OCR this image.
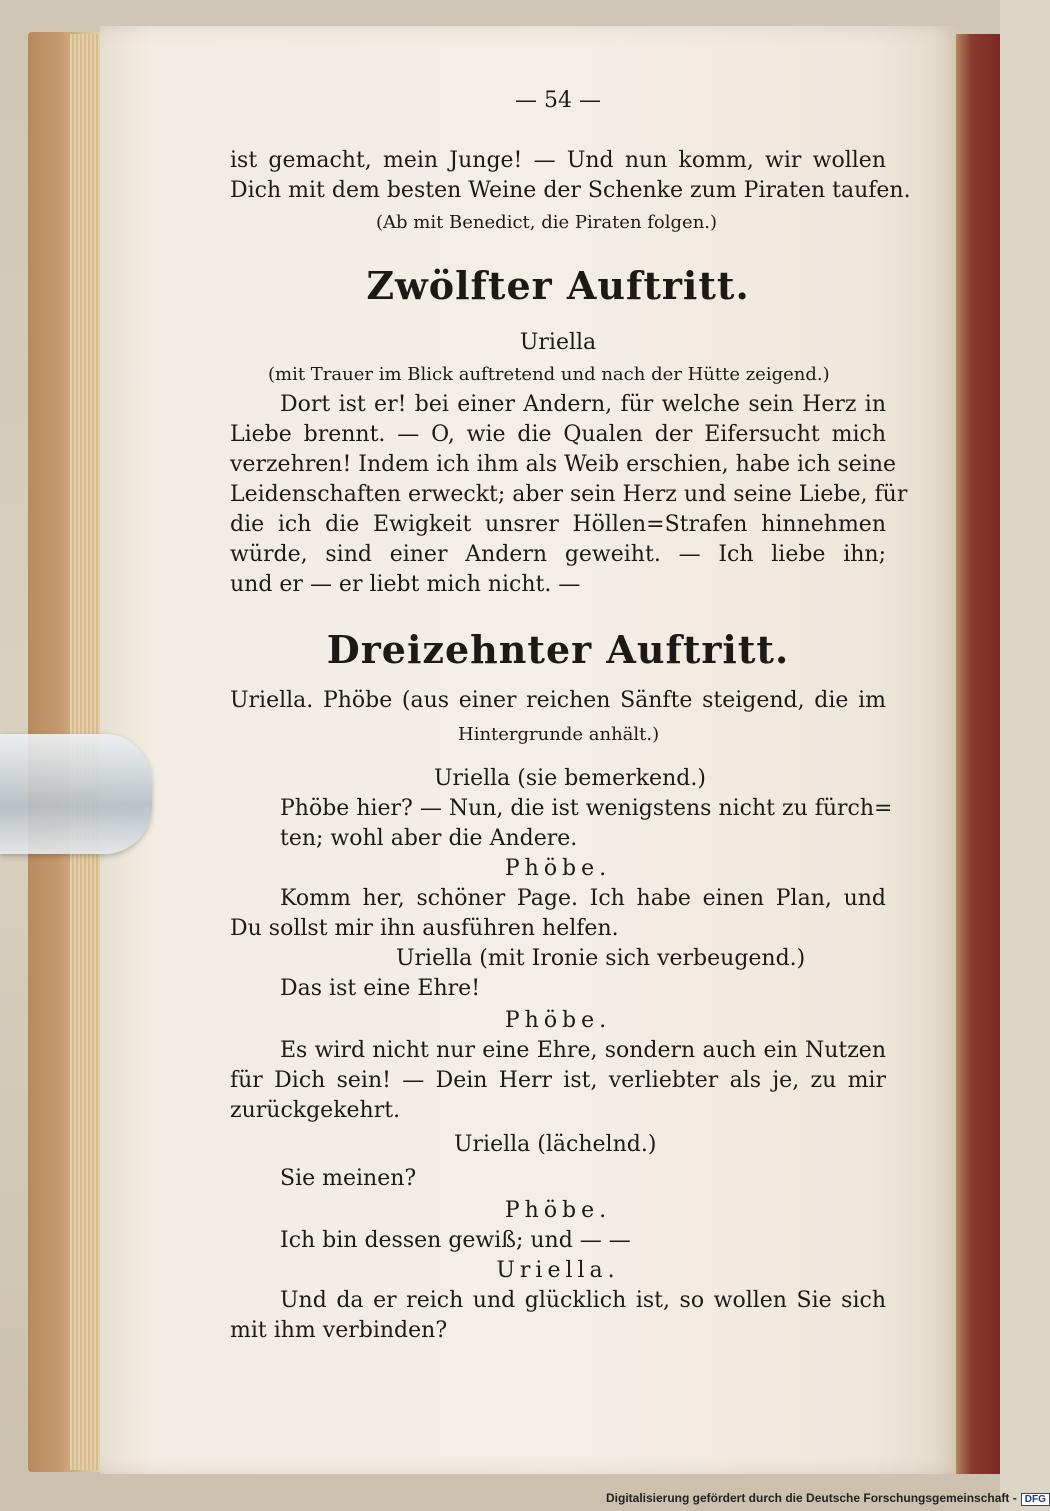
— 54 —
ist gemacht, mein Junge! — Und nun komm, wir wollen
Dich mit dem besten Weine der Schenke zum Piraten taufen.
(Ab mit Benedict, die Piraten folgen.)
Zwölfter Auftritt.
Uriella
(mit Trauer im Blick auftretend und nach der Hütte zeigend.)
Dort ist er! bei einer Andern, für welche sein Herz in
Liebe brennt. — O, wie die Qualen der Eifersucht mich
verzehren! Indem ich ihm als Weib erschien, habe ich seine
Leidenschaften erweckt; aber sein Herz und seine Liebe, für
die ich die Ewigkeit unsrer Höllen=Strafen hinnehmen
würde, sind einer Andern geweiht. — Ich liebe ihn;
und er — er liebt mich nicht. —
Dreizehnter Auftritt.
Uriella. Phöbe (aus einer reichen Sänfte steigend, die im
Hintergrunde anhält.)
Uriella (sie bemerkend.)
Phöbe hier? — Nun, die ist wenigstens nicht zu fürch=
ten; wohl aber die Andere.
Phöbe.
Komm her, schöner Page. Ich habe einen Plan, und
Du sollst mir ihn ausführen helfen.
Uriella (mit Ironie sich verbeugend.)
Das ist eine Ehre!
Phöbe.
Es wird nicht nur eine Ehre, sondern auch ein Nutzen
für Dich sein! — Dein Herr ist, verliebter als je, zu mir
zurückgekehrt.
Uriella (lächelnd.)
Sie meinen?
Phöbe.
Ich bin dessen gewiß; und — —
Uriella.
Und da er reich und glücklich ist, so wollen Sie sich
mit ihm verbinden?
Digitalisierung gefördert durch die Deutsche Forschungsgemeinschaft - DFG
